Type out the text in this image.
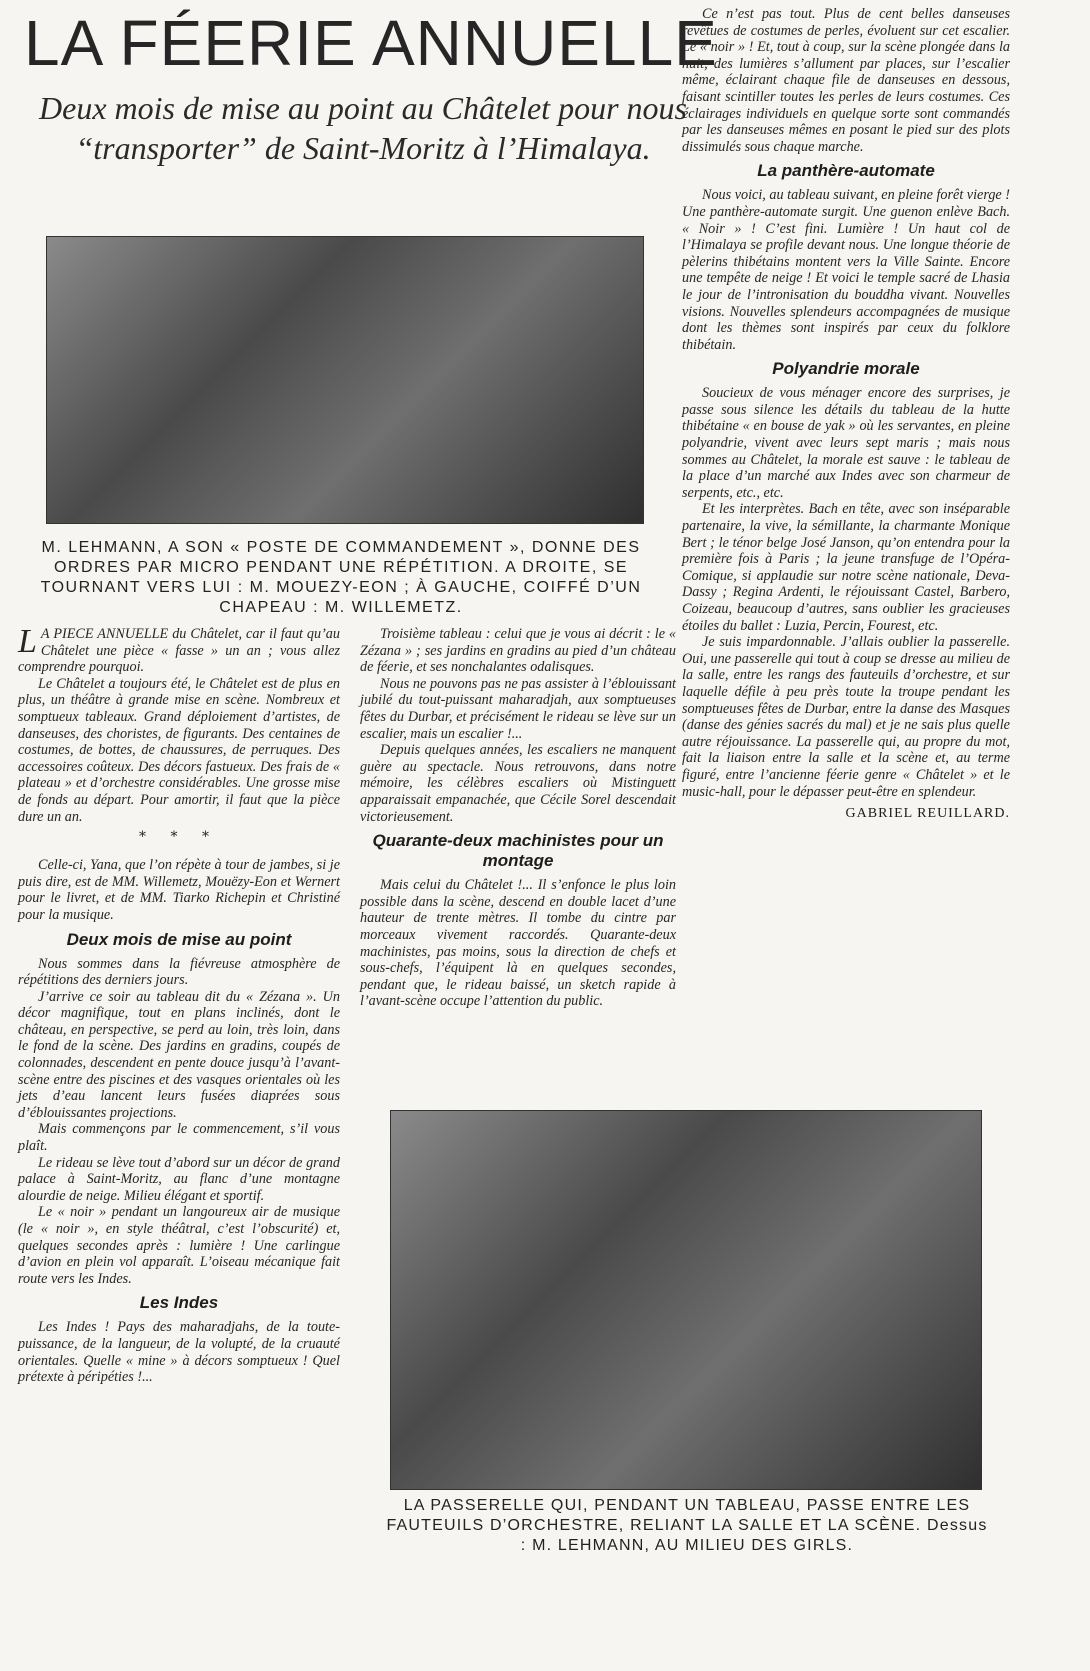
LA FÉERIE ANNUELLE
Deux mois de mise au point au Châtelet pour nous “transporter” de Saint-Moritz à l’Himalaya.
M. LEHMANN, A SON « POSTE DE COMMANDEMENT », DONNE DES ORDRES PAR MICRO PENDANT UNE RÉPÉTITION. A DROITE, SE TOURNANT VERS LUI : M. MOUEZY-EON ; À GAUCHE, COIFFÉ D’UN CHAPEAU : M. WILLEMETZ.

L A PIECE ANNUELLE du Châtelet, car il faut qu’au Châtelet une pièce « fasse » un an ; vous allez comprendre pourquoi.

Le Châtelet a toujours été, le Châtelet est de plus en plus, un théâtre à grande mise en scène. Nombreux et somptueux tableaux. Grand déploiement d’artistes, de danseuses, des choristes, de figurants. Des centaines de costumes, de bottes, de chaussures, de perruques. Des accessoires coûteux. Des décors fastueux. Des frais de « plateau » et d’orchestre considérables. Une grosse mise de fonds au départ. Pour amortir, il faut que la pièce dure un an.

* * *

Celle-ci, Yana, que l’on répète à tour de jambes, si je puis dire, est de MM. Willemetz, Mouëzy-Eon et Wernert pour le livret, et de MM. Tiarko Richepin et Christiné pour la musique.

Deux mois de mise au point

Nous sommes dans la fiévreuse atmosphère de répétitions des derniers jours.

J’arrive ce soir au tableau dit du « Zézana ». Un décor magnifique, tout en plans inclinés, dont le château, en perspective, se perd au loin, très loin, dans le fond de la scène. Des jardins en gradins, coupés de colonnades, descendent en pente douce jusqu’à l’avant-scène entre des piscines et des vasques orientales où les jets d’eau lancent leurs fusées diaprées sous d’éblouissantes projections.

Mais commençons par le commencement, s’il vous plaît.

Le rideau se lève tout d’abord sur un décor de grand palace à Saint-Moritz, au flanc d’une montagne alourdie de neige. Milieu élégant et sportif.

Le « noir » pendant un langoureux air de musique (le « noir », en style théâtral, c’est l’obscurité) et, quelques secondes après : lumière ! Une carlingue d’avion en plein vol apparaît. L’oiseau mécanique fait route vers les Indes.

Les Indes

Les Indes ! Pays des maharadjahs, de la toute-puissance, de la langueur, de la volupté, de la cruauté orientales. Quelle « mine » à décors somptueux ! Quel prétexte à péripéties !...

Troisième tableau : celui que je vous ai décrit : le « Zézana » ; ses jardins en gradins au pied d’un château de féerie, et ses nonchalantes odalisques.

Nous ne pouvons pas ne pas assister à l’éblouissant jubilé du tout-puissant maharadjah, aux somptueuses fêtes du Durbar, et précisément le rideau se lève sur un escalier, mais un escalier !...

Depuis quelques années, les escaliers ne manquent guère au spectacle. Nous retrouvons, dans notre mémoire, les célèbres escaliers où Mistinguett apparaissait empanachée, que Cécile Sorel descendait victorieusement.

Quarante-deux machinistes pour un montage

Mais celui du Châtelet !... Il s’enfonce le plus loin possible dans la scène, descend en double lacet d’une hauteur de trente mètres. Il tombe du cintre par morceaux vivement raccordés. Quarante-deux machinistes, pas moins, sous la direction de chefs et sous-chefs, l’équipent là en quelques secondes, pendant que, le rideau baissé, un sketch rapide à l’avant-scène occupe l’attention du public.

Ce n’est pas tout. Plus de cent belles danseuses revêtues de costumes de perles, évoluent sur cet escalier. Le « noir » ! Et, tout à coup, sur la scène plongée dans la nuit, des lumières s’allument par places, sur l’escalier même, éclairant chaque file de danseuses en dessous, faisant scintiller toutes les perles de leurs costumes. Ces éclairages individuels en quelque sorte sont commandés par les danseuses mêmes en posant le pied sur des plots dissimulés sous chaque marche.

La panthère-automate

Nous voici, au tableau suivant, en pleine forêt vierge ! Une panthère-automate surgit. Une guenon enlève Bach. « Noir » ! C’est fini. Lumière ! Un haut col de l’Himalaya se profile devant nous. Une longue théorie de pèlerins thibétains montent vers la Ville Sainte. Encore une tempête de neige ! Et voici le temple sacré de Lhasia le jour de l’intronisation du bouddha vivant. Nouvelles visions. Nouvelles splendeurs accompagnées de musique dont les thèmes sont inspirés par ceux du folklore thibétain.

Polyandrie morale

Soucieux de vous ménager encore des surprises, je passe sous silence les détails du tableau de la hutte thibétaine « en bouse de yak » où les servantes, en pleine polyandrie, vivent avec leurs sept maris ; mais nous sommes au Châtelet, la morale est sauve : le tableau de la place d’un marché aux Indes avec son charmeur de serpents, etc., etc.

Et les interprètes. Bach en tête, avec son inséparable partenaire, la vive, la sémillante, la charmante Monique Bert ; le ténor belge José Janson, qu’on entendra pour la première fois à Paris ; la jeune transfuge de l’Opéra-Comique, si applaudie sur notre scène nationale, Deva-Dassy ; Regina Ardenti, le réjouissant Castel, Barbero, Coizeau, beaucoup d’autres, sans oublier les gracieuses étoiles du ballet : Luzia, Percin, Fourest, etc.

Je suis impardonnable. J’allais oublier la passerelle. Oui, une passerelle qui tout à coup se dresse au milieu de la salle, entre les rangs des fauteuils d’orchestre, et sur laquelle défile à peu près toute la troupe pendant les somptueuses fêtes de Durbar, entre la danse des Masques (danse des génies sacrés du mal) et je ne sais plus quelle autre réjouissance. La passerelle qui, au propre du mot, fait la liaison entre la salle et la scène et, au terme figuré, entre l’ancienne féerie genre « Châtelet » et le music-hall, pour le dépasser peut-être en splendeur.

GABRIEL REUILLARD.
LA PASSERELLE QUI, PENDANT UN TABLEAU, PASSE ENTRE LES FAUTEUILS D’ORCHESTRE, RELIANT LA SALLE ET LA SCÈNE. Dessus : M. LEHMANN, AU MILIEU DES GIRLS.
